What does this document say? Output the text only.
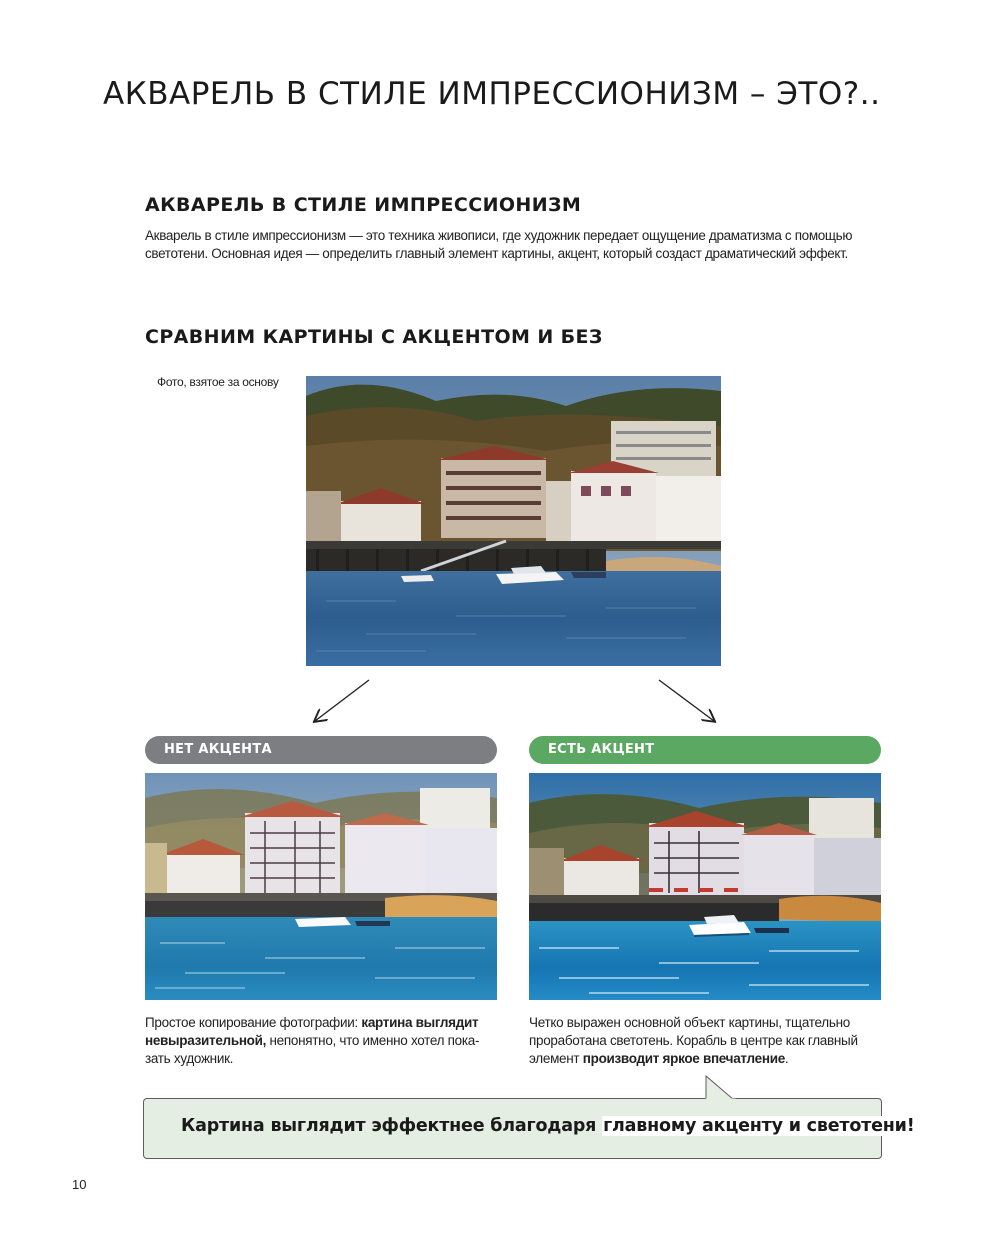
АКВАРЕЛЬ В СТИЛЕ ИМПРЕССИОНИЗМ – ЭТО?..
АКВАРЕЛЬ В СТИЛЕ ИМПРЕССИОНИЗМ

Акварель в стиле импрессионизм — это техника живописи, где художник передает ощущение драматизма с помощью светотени. Основная идея — определить главный элемент картины, акцент, который создаст драматический эффект.

СРАВНИМ КАРТИНЫ С АКЦЕНТОМ И БЕЗ
Фото, взятое за основу
НЕТ АКЦЕНТА	ЕСТЬ АКЦЕНТ

Простое копирование фотографии: картина выглядит невыразительной, непонятно, что именно хотел пока-зать художник.

Четко выражен основной объект картины, тщательно проработана светотень. Корабль в центре как главный элемент производит яркое впечатление.

Картина выглядит эффектнее благодаря главному акценту и светотени!
10
